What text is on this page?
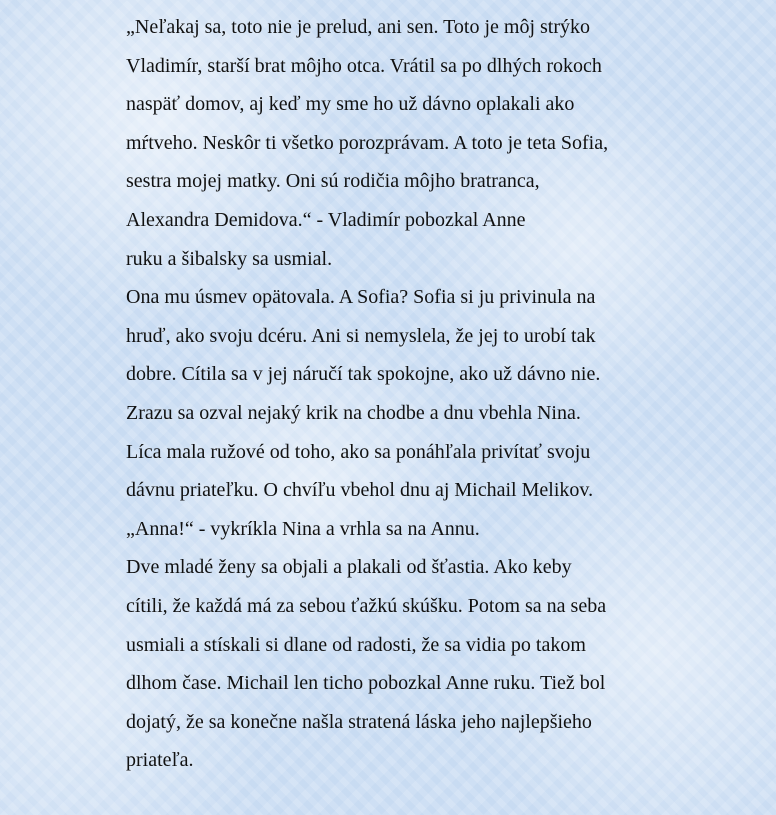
„Neľakaj sa, toto nie je prelud, ani sen. Toto je môj strýko

Vladimír, starší brat môjho otca. Vrátil sa po dlhých rokoch

naspäť domov, aj keď my sme ho už dávno oplakali ako

mŕtveho. Neskôr ti všetko porozprávam. A toto je teta Sofia,

sestra mojej matky. Oni sú rodičia môjho bratranca,

Alexandra Demidova.“ - Vladimír pobozkal Anne

ruku a šibalsky sa usmial.

Ona mu úsmev opätovala. A Sofia? Sofia si ju privinula na

hruď, ako svoju dcéru. Ani si nemyslela, že jej to urobí tak

dobre. Cítila sa v jej náručí tak spokojne, ako už dávno nie.

Zrazu sa ozval nejaký krik na chodbe a dnu vbehla Nina.

Líca mala ružové od toho, ako sa ponáhľala privítať svoju

dávnu priateľku. O chvíľu vbehol dnu aj Michail Melikov.

„Anna!“ - vykríkla Nina a vrhla sa na Annu.

Dve mladé ženy sa objali a plakali od šťastia. Ako keby

cítili, že každá má za sebou ťažkú skúšku. Potom sa na seba

usmiali a stískali si dlane od radosti, že sa vidia po takom

dlhom čase. Michail len ticho pobozkal Anne ruku. Tiež bol

dojatý, že sa konečne našla stratená láska jeho najlepšieho

priateľa.
